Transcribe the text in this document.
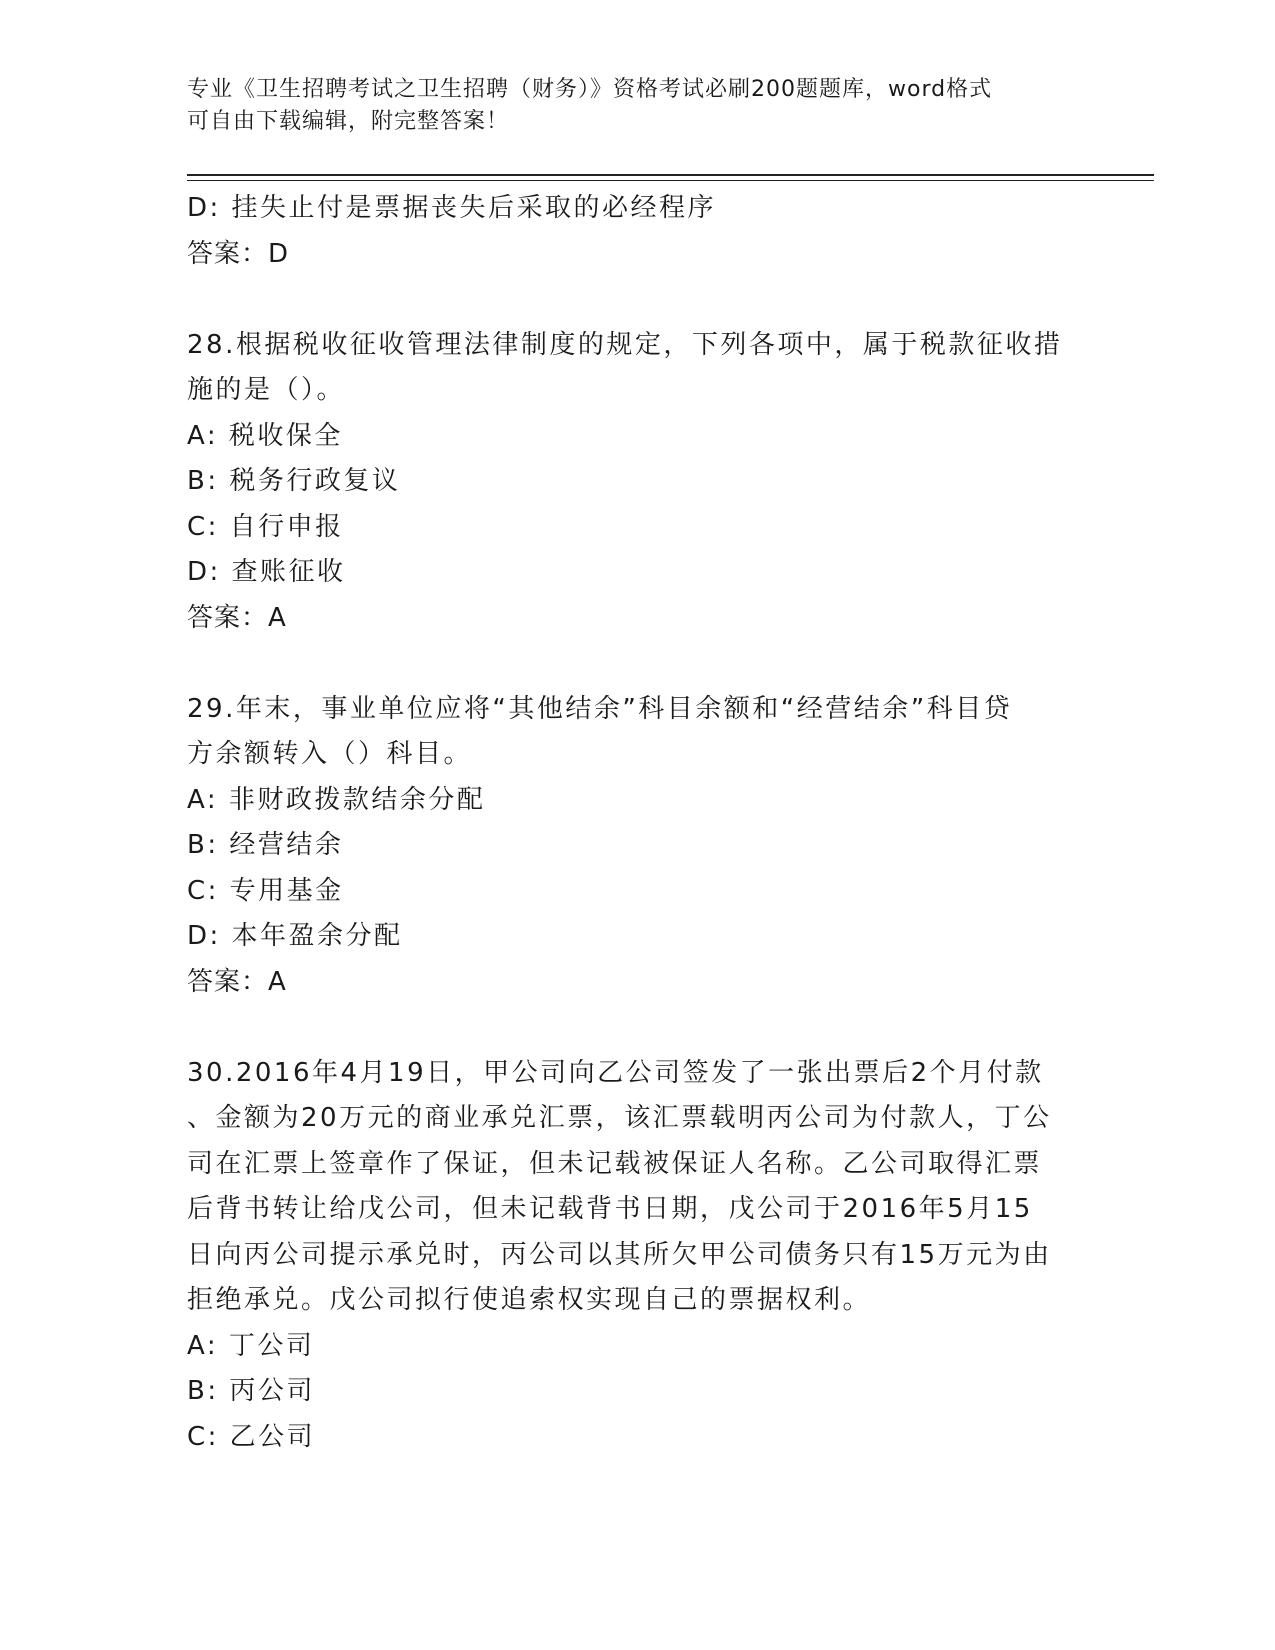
专业《卫生招聘考试之卫生招聘（财务）》资格考试必刷200题题库，word格式
可自由下载编辑，附完整答案！
D: 挂失止付是票据丧失后采取的必经程序
答案：D
28.根据税收征收管理法律制度的规定，下列各项中，属于税款征收措
施的是（）。
A: 税收保全
B: 税务行政复议
C: 自行申报
D: 查账征收
答案：A
29.年末，事业单位应将“其他结余”科目余额和“经营结余”科目贷
方余额转入（）科目。
A: 非财政拨款结余分配
B: 经营结余
C: 专用基金
D: 本年盈余分配
答案：A
30.2016年4月19日，甲公司向乙公司签发了一张出票后2个月付款
、金额为20万元的商业承兑汇票，该汇票载明丙公司为付款人，丁公
司在汇票上签章作了保证，但未记载被保证人名称。乙公司取得汇票
后背书转让给戊公司，但未记载背书日期，戊公司于2016年5月15
日向丙公司提示承兑时，丙公司以其所欠甲公司债务只有15万元为由
拒绝承兑。戊公司拟行使追索权实现自己的票据权利。
A: 丁公司
B: 丙公司
C: 乙公司
